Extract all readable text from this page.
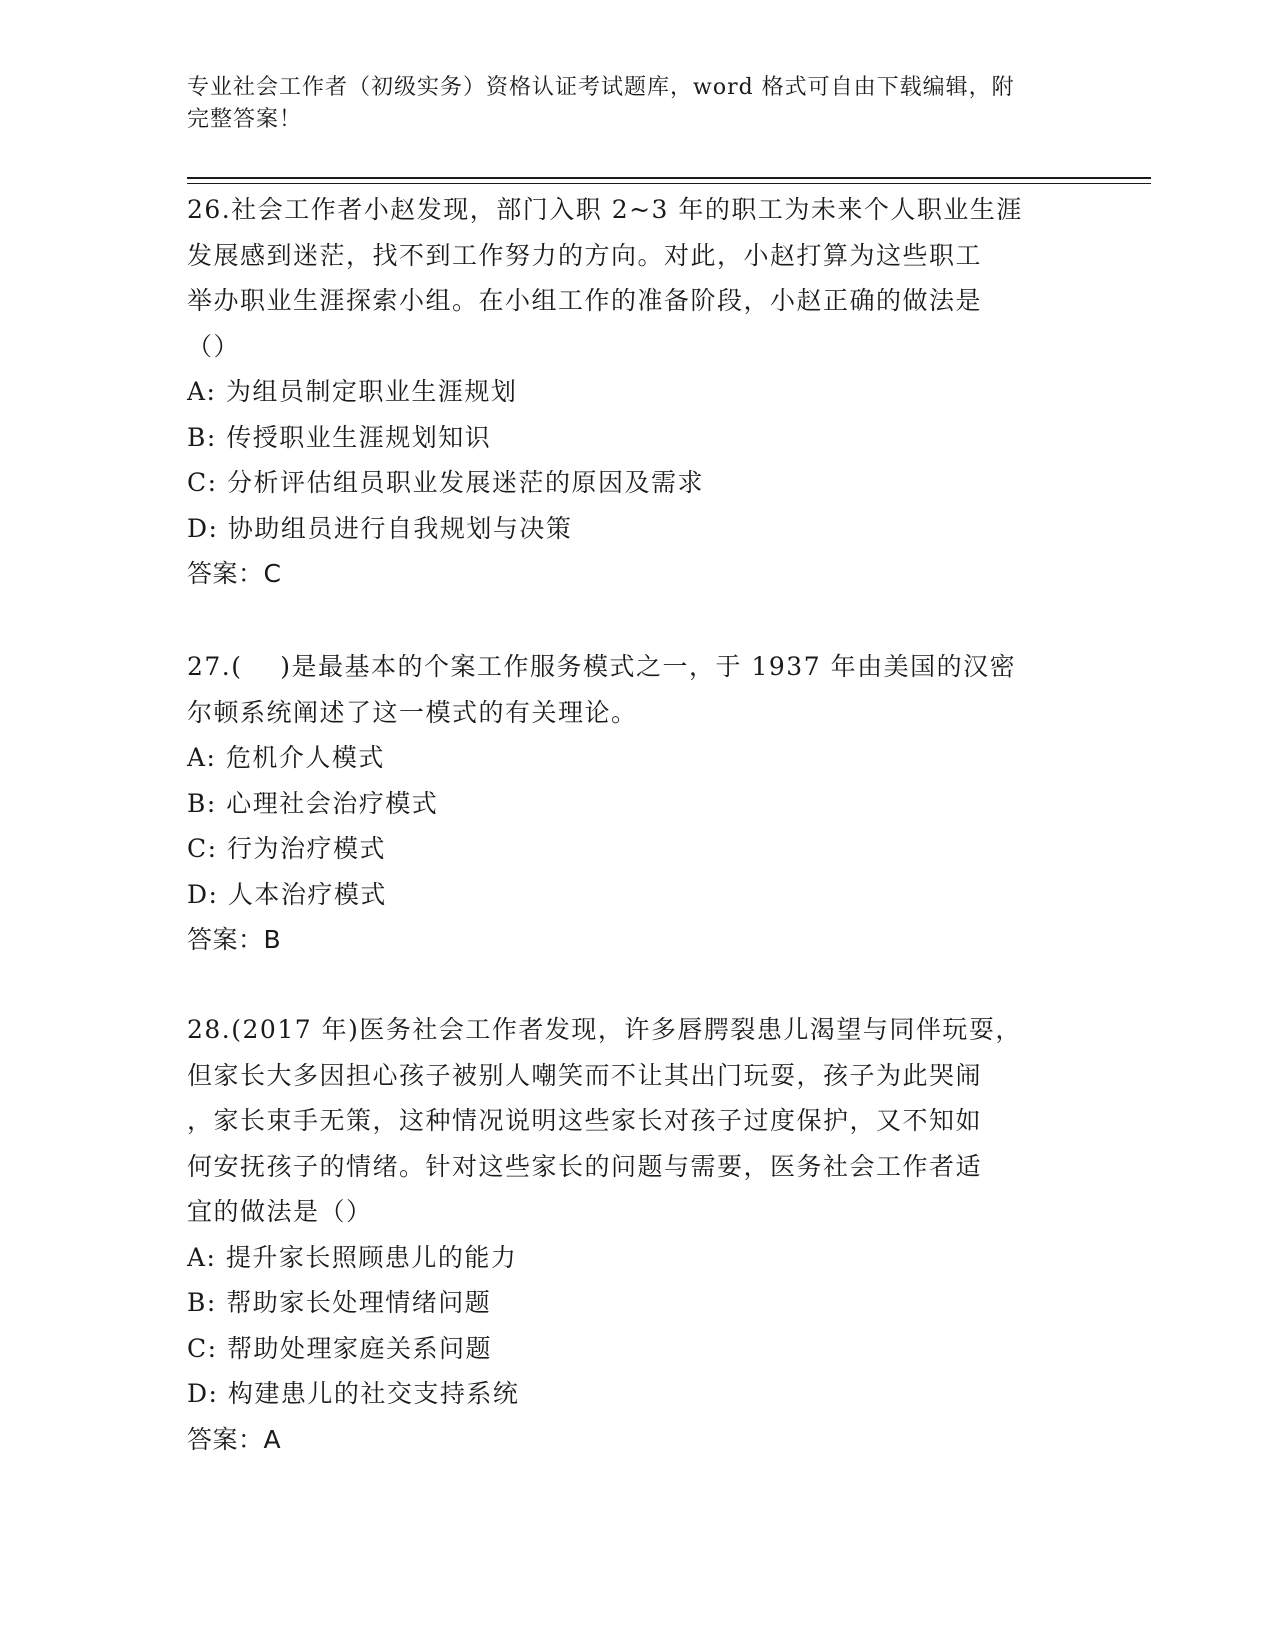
专业社会工作者（初级实务）资格认证考试题库，word 格式可自由下载编辑，附
完整答案！

26.社会工作者小赵发现，部门入职 2~3 年的职工为未来个人职业生涯

发展感到迷茫，找不到工作努力的方向。对此，小赵打算为这些职工

举办职业生涯探索小组。在小组工作的准备阶段，小赵正确的做法是

（）

A: 为组员制定职业生涯规划

B: 传授职业生涯规划知识

C: 分析评估组员职业发展迷茫的原因及需求

D: 协助组员进行自我规划与决策

答案：C

27.(    )是最基本的个案工作服务模式之一，于 1937 年由美国的汉密

尔顿系统阐述了这一模式的有关理论。

A: 危机介人模式

B: 心理社会治疗模式

C: 行为治疗模式

D: 人本治疗模式

答案：B

28.(2017 年)医务社会工作者发现，许多唇腭裂患儿渴望与同伴玩耍，

但家长大多因担心孩子被别人嘲笑而不让其出门玩耍，孩子为此哭闹

，家长束手无策，这种情况说明这些家长对孩子过度保护，又不知如

何安抚孩子的情绪。针对这些家长的问题与需要，医务社会工作者适

宜的做法是（）

A: 提升家长照顾患儿的能力

B: 帮助家长处理情绪问题

C: 帮助处理家庭关系问题

D: 构建患儿的社交支持系统

答案：A
